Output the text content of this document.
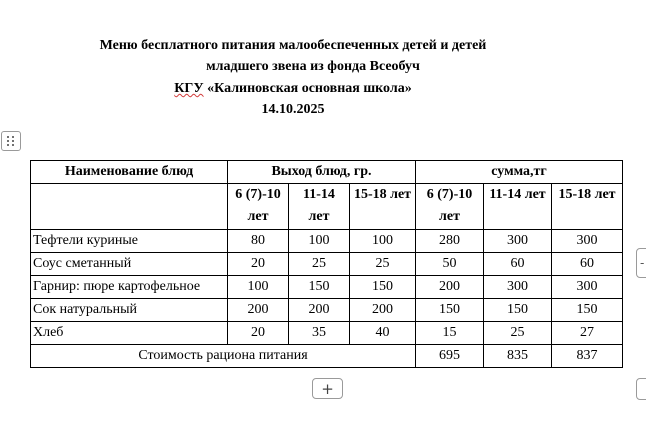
Меню бесплатного питания малообеспеченных детей и детей
младшего звена из фонда Всеобуч
КГУ «Калиновская основная школа»
14.10.2025
Наименование блюд	Выход блюд, гр.			сумма,тг		
	6 (7)-10 лет	11-14 лет	15-18 лет	6 (7)-10 лет	11-14 лет	15-18 лет
Тефтели куриные	80	100	100	280	300	300
Соус сметанный	20	25	25	50	60	60
Гарнир: пюре картофельное	100	150	150	200	300	300
Сок натуральный	200	200	200	150	150	150
Хлеб	20	35	40	15	25	27
Стоимость рациона питания				695	835	837
+
-
